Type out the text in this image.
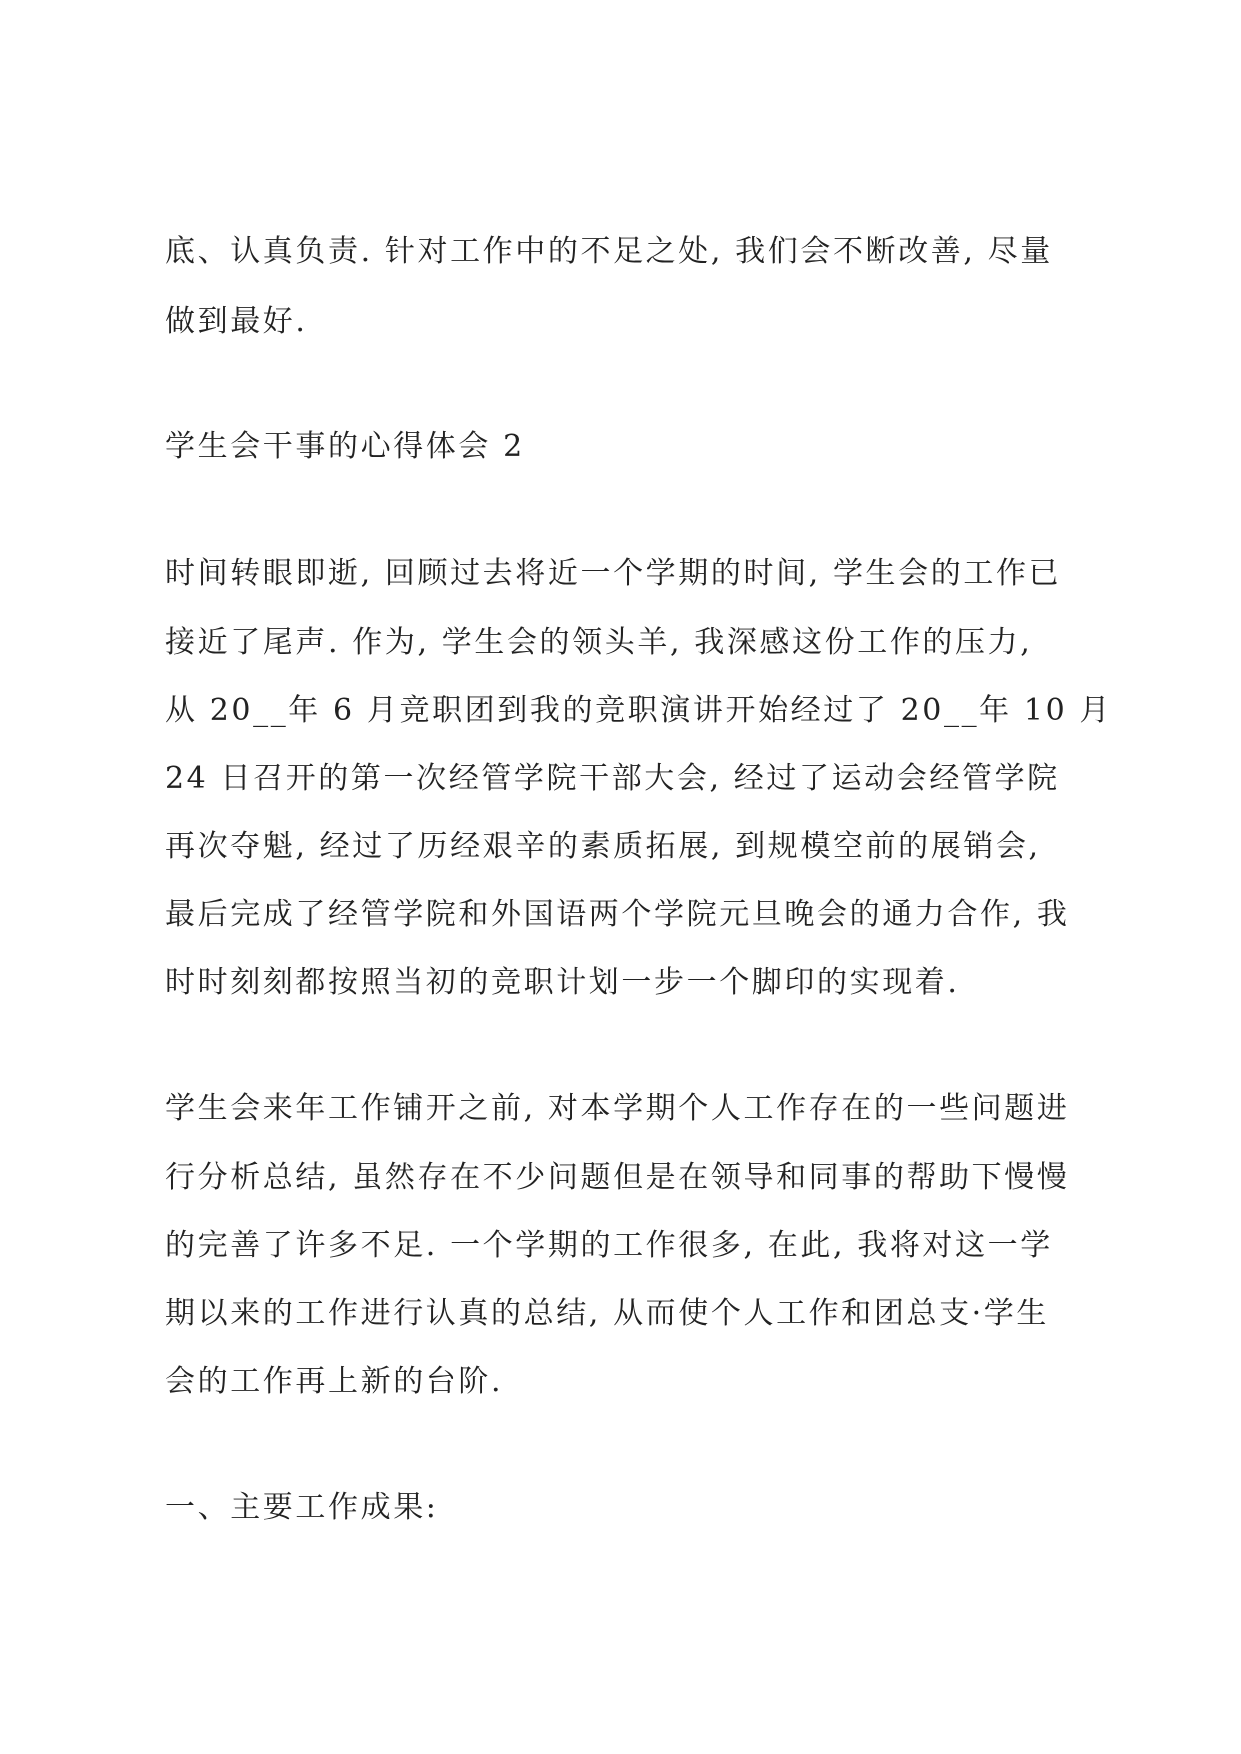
底、认真负责. 针对工作中的不足之处, 我们会不断改善, 尽量

做到最好.

学生会干事的心得体会 2

时间转眼即逝, 回顾过去将近一个学期的时间, 学生会的工作已

接近了尾声. 作为, 学生会的领头羊, 我深感这份工作的压力,

从 20__年 6 月竞职团到我的竞职演讲开始经过了 20__年 10 月

24 日召开的第一次经管学院干部大会, 经过了运动会经管学院

再次夺魁, 经过了历经艰辛的素质拓展, 到规模空前的展销会,

最后完成了经管学院和外国语两个学院元旦晚会的通力合作, 我

时时刻刻都按照当初的竞职计划一步一个脚印的实现着.

学生会来年工作铺开之前, 对本学期个人工作存在的一些问题进

行分析总结, 虽然存在不少问题但是在领导和同事的帮助下慢慢

的完善了许多不足. 一个学期的工作很多, 在此, 我将对这一学

期以来的工作进行认真的总结, 从而使个人工作和团总支·学生

会的工作再上新的台阶.

一、主要工作成果:
